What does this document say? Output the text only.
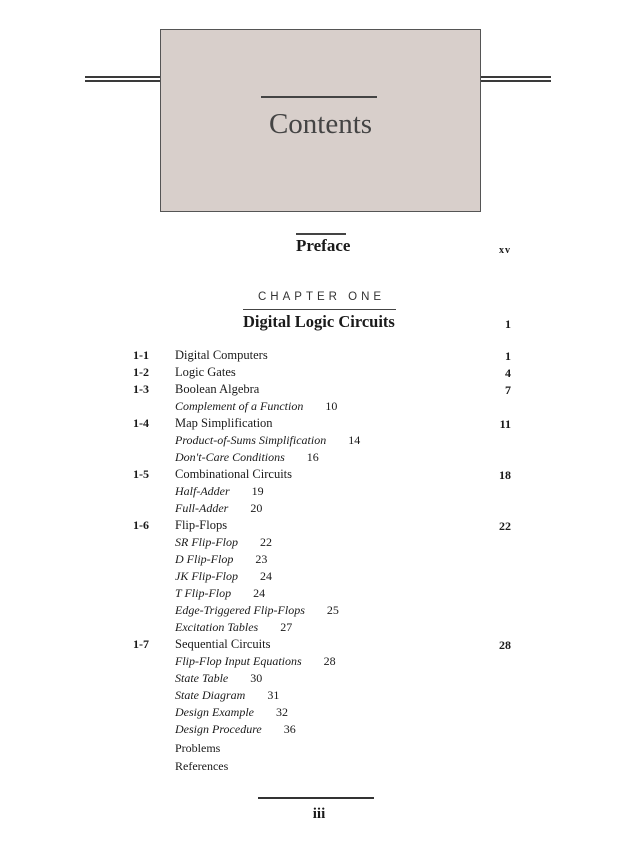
Contents
Preface	xv
CHAPTER ONE
Digital Logic Circuits	1
1-1 Digital Computers	1
1-2 Logic Gates	4
1-3 Boolean Algebra	7
Complement of a Function 10
1-4 Map Simplification	11
Product-of-Sums Simplification 14
Don't-Care Conditions 16
1-5 Combinational Circuits	18
Half-Adder 19
Full-Adder 20
1-6 Flip-Flops	22
SR Flip-Flop 22
D Flip-Flop 23
JK Flip-Flop 24
T Flip-Flop 24
Edge-Triggered Flip-Flops 25
Excitation Tables 27
1-7 Sequential Circuits	28
Flip-Flop Input Equations 28
State Table 30
State Diagram 31
Design Example 32
Design Procedure 36
Problems
References
iii
